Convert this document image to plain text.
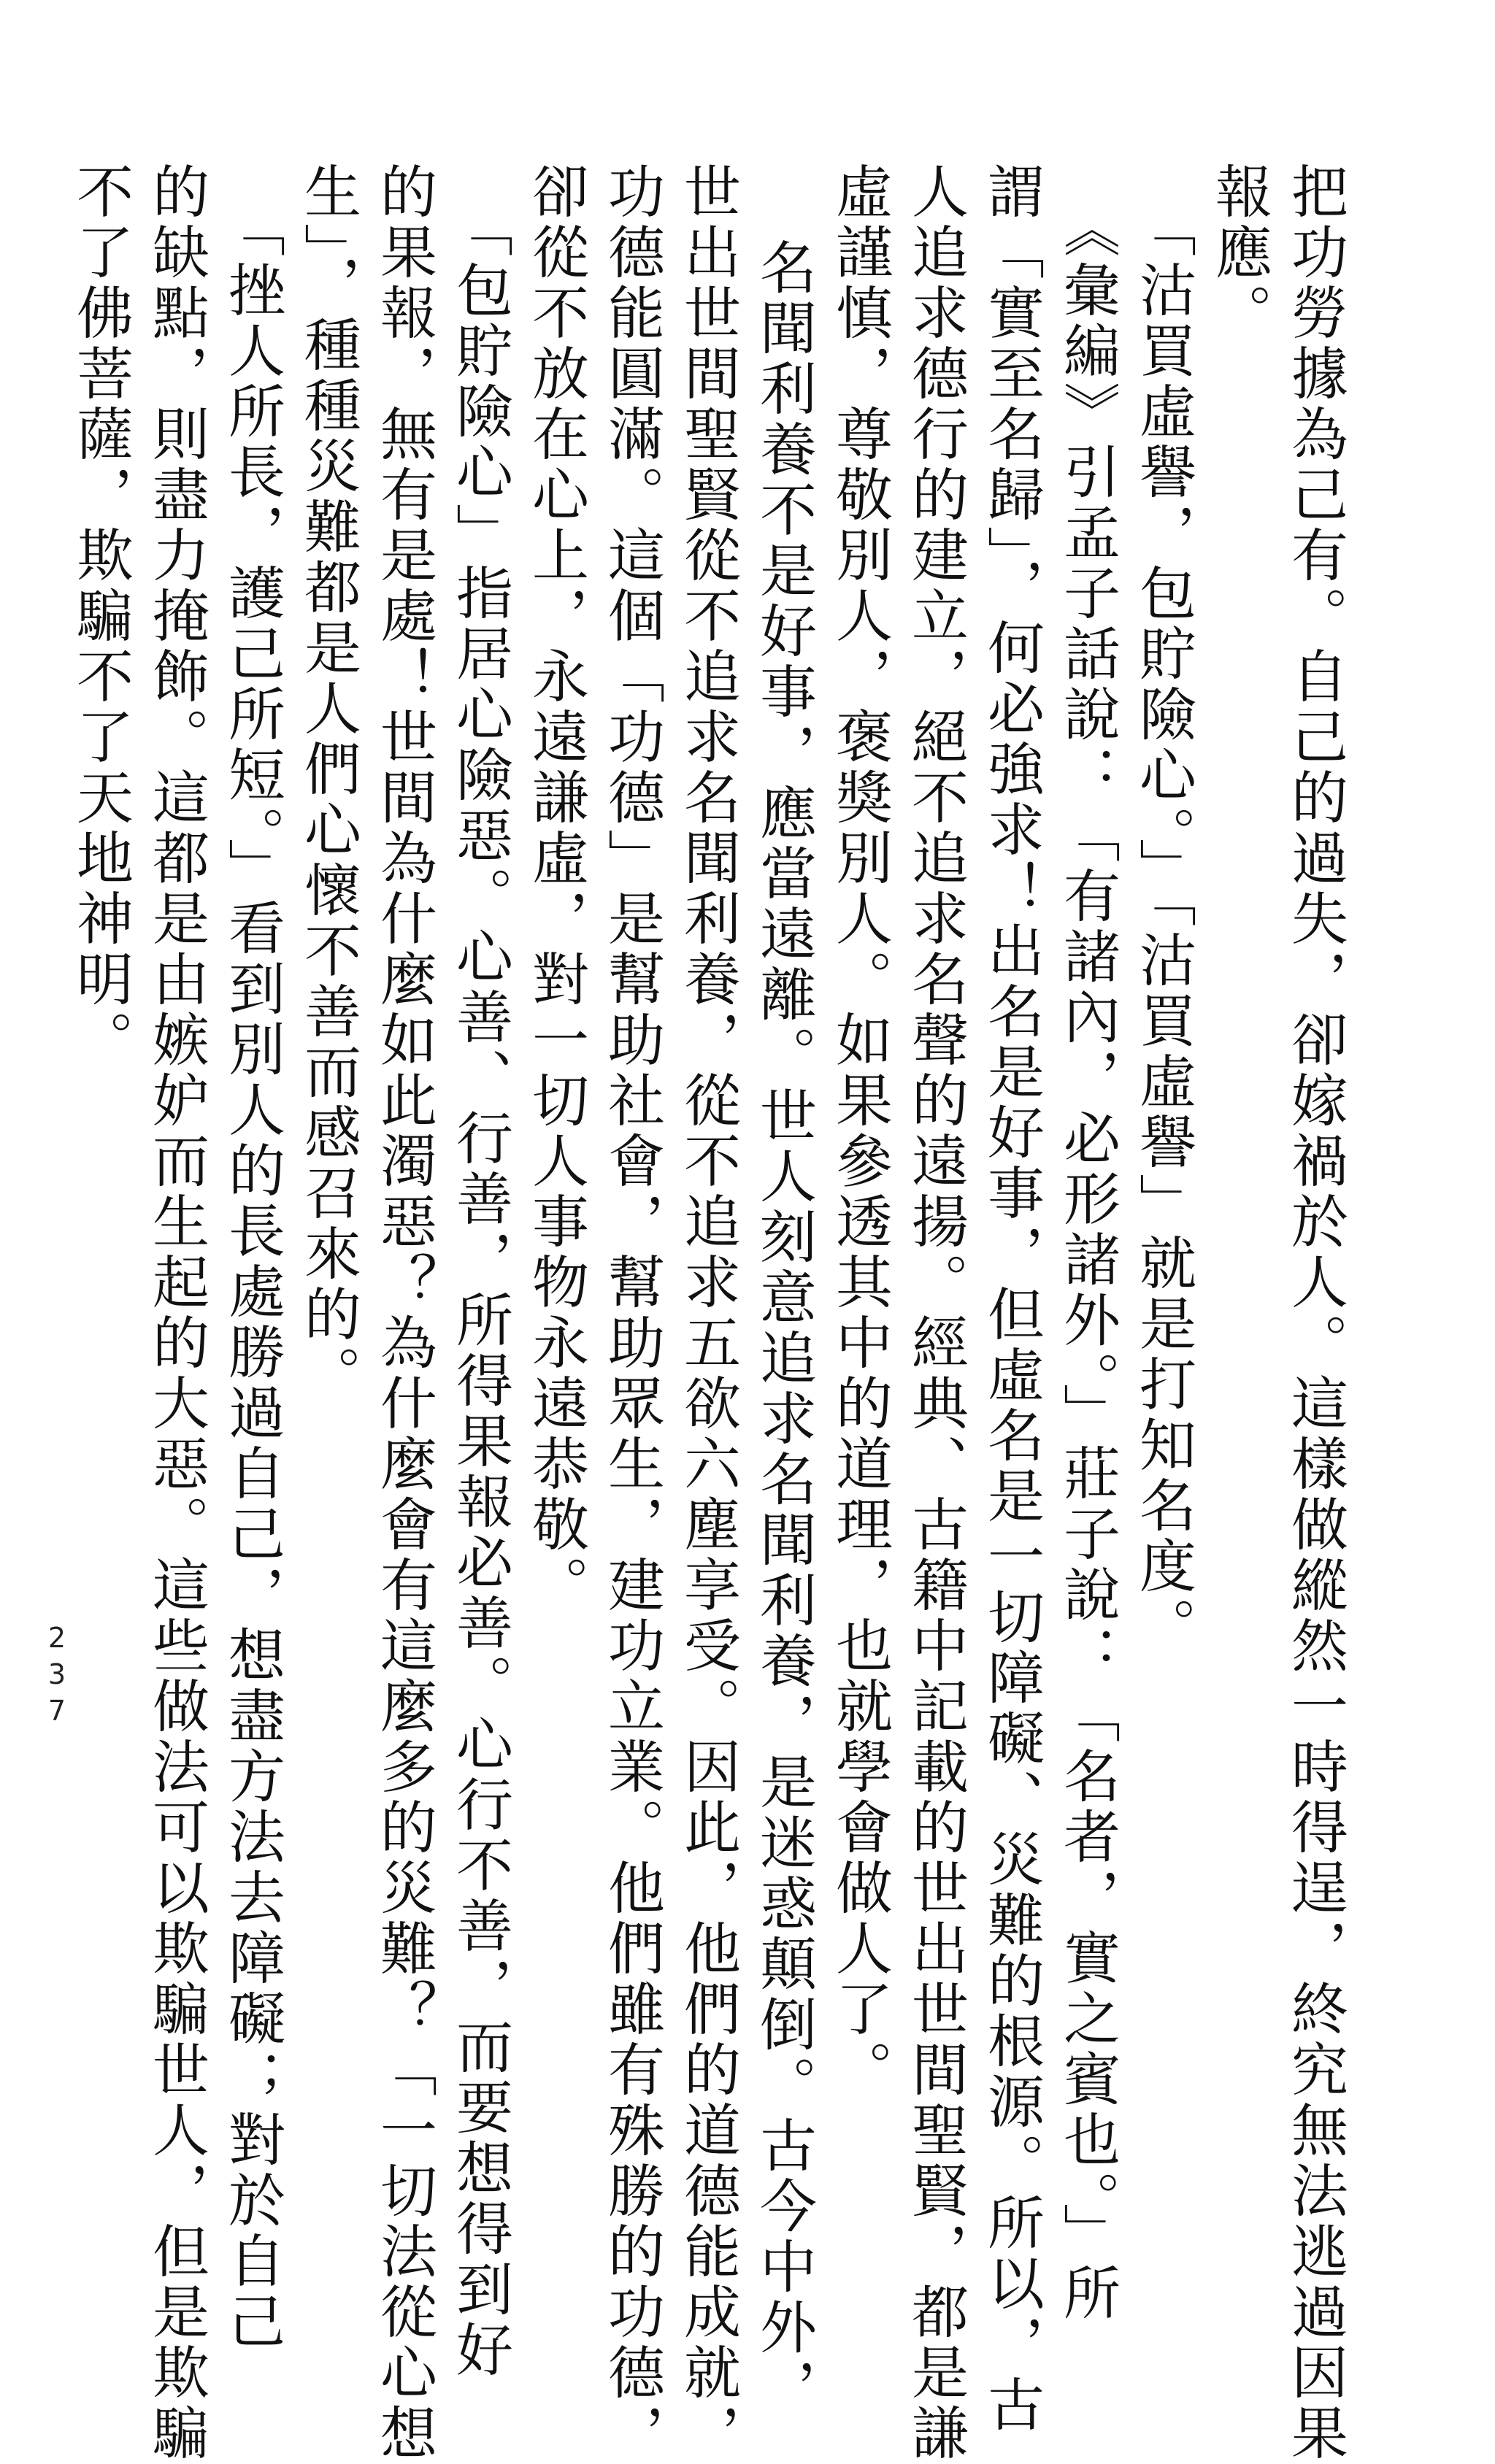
把功勞據為己有。自己的過失，卻嫁禍於人。這樣做縱然一時得逞，終究無法逃過因果

報應。

「沽買虛譽，包貯險心。」「沽買虛譽」就是打知名度。

《彙編》引孟子話說：「有諸內，必形諸外。」莊子說：「名者，實之賓也。」所

謂「實至名歸」，何必強求！出名是好事，但虛名是一切障礙、災難的根源。所以，古

人追求德行的建立，絕不追求名聲的遠揚。經典、古籍中記載的世出世間聖賢，都是謙

虛謹慎，尊敬別人，褒獎別人。如果參透其中的道理，也就學會做人了。

名聞利養不是好事，應當遠離。世人刻意追求名聞利養，是迷惑顛倒。古今中外，

世出世間聖賢從不追求名聞利養，從不追求五欲六塵享受。因此，他們的道德能成就，

功德能圓滿。這個「功德」是幫助社會，幫助眾生，建功立業。他們雖有殊勝的功德，

卻從不放在心上，永遠謙虛，對一切人事物永遠恭敬。

「包貯險心」指居心險惡。心善、行善，所得果報必善。心行不善，而要想得到好

的果報，無有是處！世間為什麼如此濁惡？為什麼會有這麼多的災難？「一切法從心想

生」，種種災難都是人們心懷不善而感召來的。

「挫人所長，護己所短。」看到別人的長處勝過自己，想盡方法去障礙；對於自己

的缺點，則盡力掩飾。這都是由嫉妒而生起的大惡。這些做法可以欺騙世人，但是欺騙

不了佛菩薩，欺騙不了天地神明。

237
